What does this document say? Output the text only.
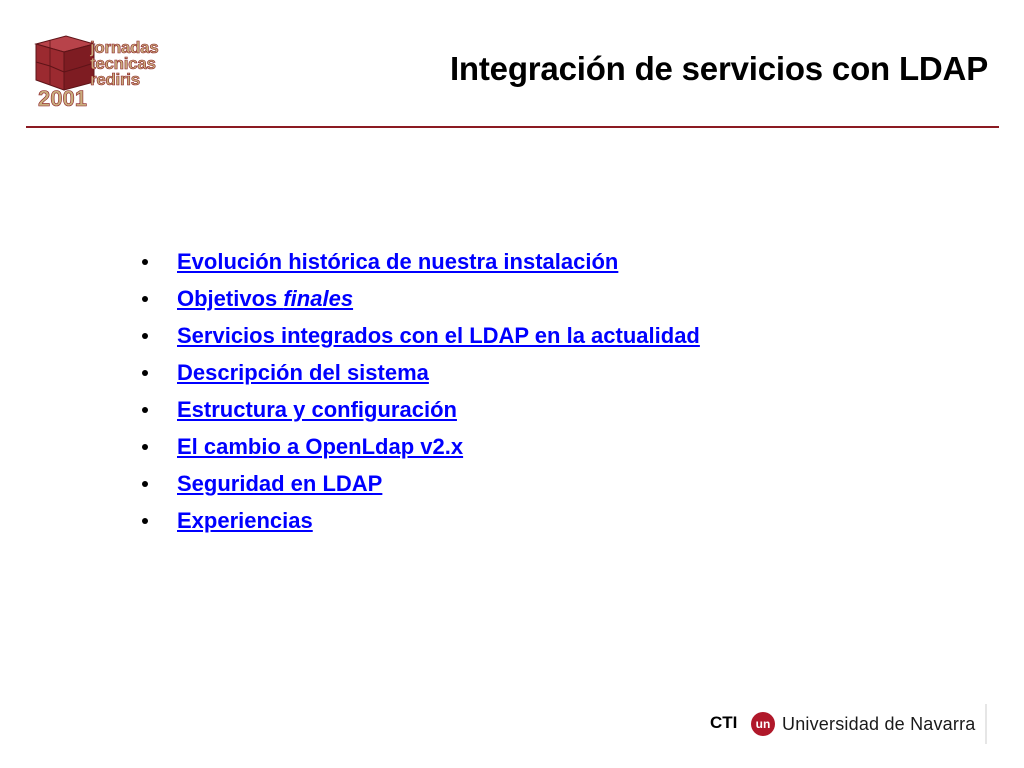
jornadas
tecnicas
rediris
2001
Integración de servicios con LDAP
Evolución histórica de nuestra instalación
Objetivos finales
Servicios integrados con el LDAP en la actualidad
Descripción del sistema
Estructura y configuración
El cambio a OpenLdap v2.x
Seguridad en LDAP
Experiencias
CTI	un Universidad de Navarra
